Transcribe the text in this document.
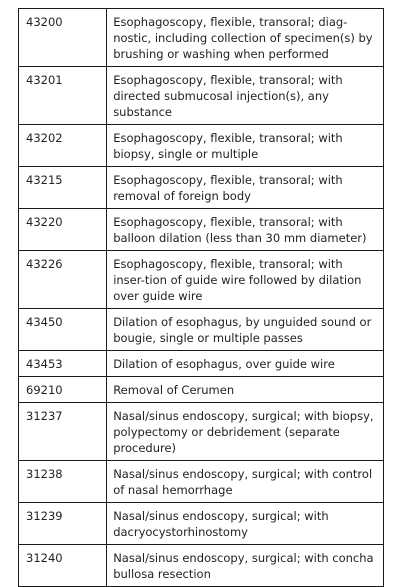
43200	Esophagoscopy, flexible, transoral; diag-nostic, including collection of specimen(s) by brushing or washing when performed
43201	Esophagoscopy, flexible, transoral; with directed submucosal injection(s), any substance
43202	Esophagoscopy, flexible, transoral; with biopsy, single or multiple
43215	Esophagoscopy, flexible, transoral; with removal of foreign body
43220	Esophagoscopy, flexible, transoral; with balloon dilation (less than 30 mm diameter)
43226	Esophagoscopy, flexible, transoral; with inser-tion of guide wire followed by dilation over guide wire
43450	Dilation of esophagus, by unguided sound or bougie, single or multiple passes
43453	Dilation of esophagus, over guide wire
69210	Removal of Cerumen
31237	Nasal/sinus endoscopy, surgical; with biopsy, polypectomy or debridement (separate procedure)
31238	Nasal/sinus endoscopy, surgical; with control of nasal hemorrhage
31239	Nasal/sinus endoscopy, surgical; with dacryocystorhinostomy
31240	Nasal/sinus endoscopy, surgical; with concha bullosa resection
